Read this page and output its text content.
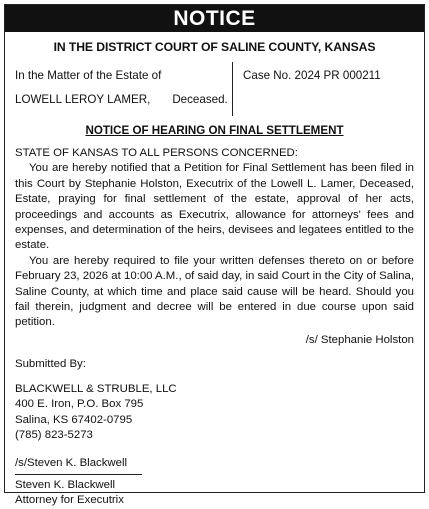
NOTICE
IN THE DISTRICT COURT OF SALINE COUNTY, KANSAS
In the Matter of the Estate of
LOWELL LEROY LAMER, Deceased.
Case No. 2024 PR 000211
NOTICE OF HEARING ON FINAL SETTLEMENT
STATE OF KANSAS TO ALL PERSONS CONCERNED:

You are hereby notified that a Petition for Final Settlement has been filed in this Court by Stephanie Holston, Executrix of the Lowell L. Lamer, Deceased, Estate, praying for final settlement of the estate, approval of her acts, proceedings and accounts as Executrix, allowance for attorneys' fees and expenses, and determination of the heirs, devisees and legatees entitled to the estate.

You are hereby required to file your written defenses thereto on or before February 23, 2026 at 10:00 A.M., of said day, in said Court in the City of Salina, Saline County, at which time and place said cause will be heard. Should you fail therein, judgment and decree will be entered in due course upon said petition.

/s/ Stephanie Holston
Submitted By:
BLACKWELL & STRUBLE, LLC
400 E. Iron, P.O. Box 795
Salina, KS 67402-0795
(785) 823-5273
/s/Steven K. Blackwell
Steven K. Blackwell
Attorney for Executrix
